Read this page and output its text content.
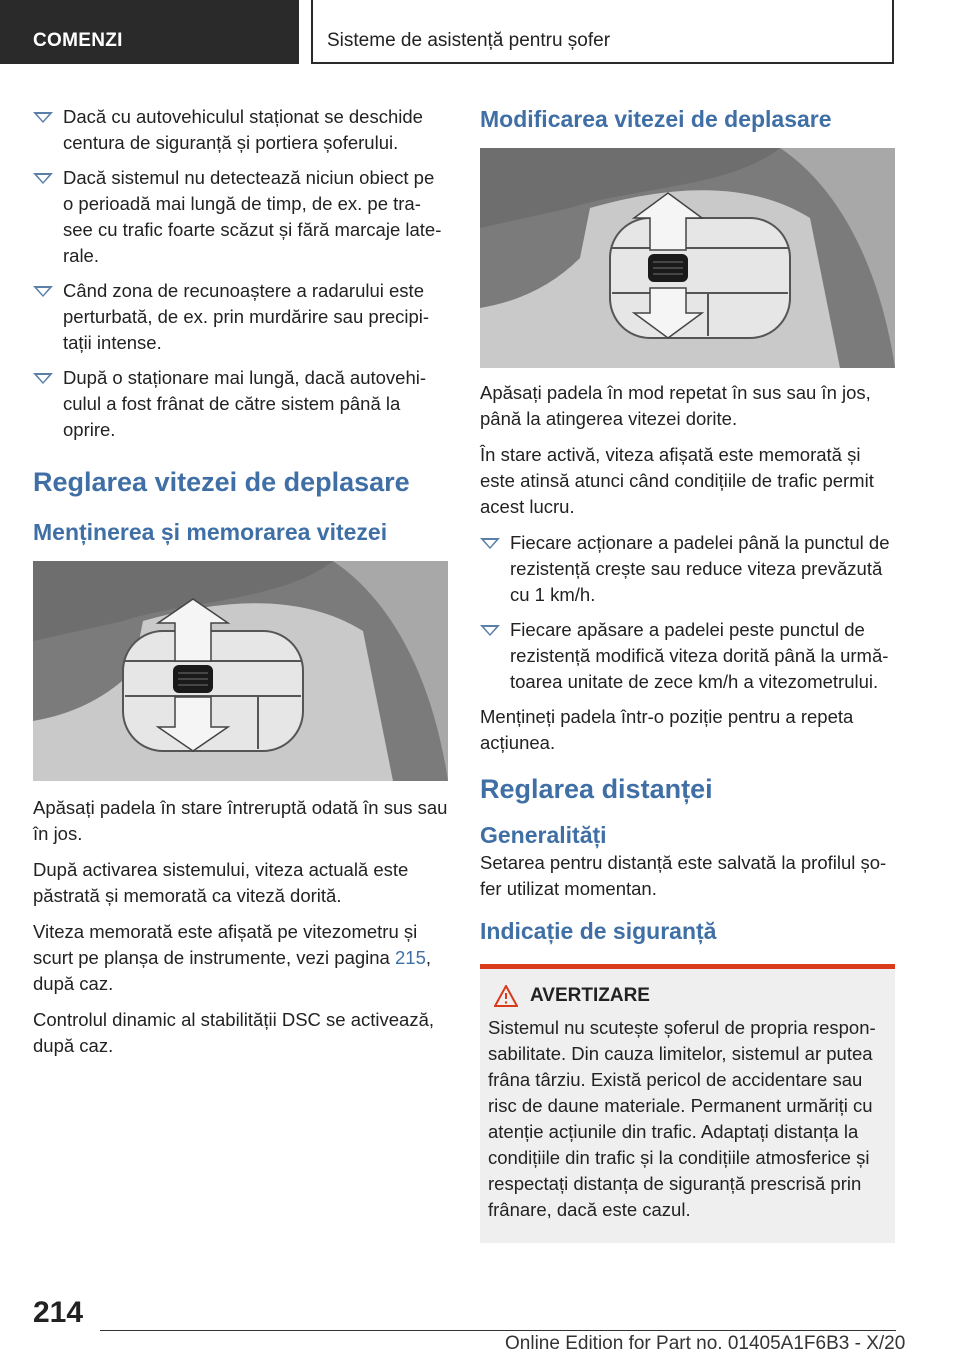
COMENZI	Sisteme de asistență pentru șofer
Dacă cu autovehiculul staționat se deschide centura de siguranță și portiera șoferului.
Dacă sistemul nu detectează niciun obiect pe o perioadă mai lungă de timp, de ex. pe tra-see cu trafic foarte scăzut și fără marcaje late-rale.
Când zona de recunoaștere a radarului este perturbată, de ex. prin murdărire sau precipi-tații intense.
După o staționare mai lungă, dacă autovehi-culul a fost frânat de către sistem până la oprire.
Reglarea vitezei de deplasare
Menținerea și memorarea vitezei

Apăsați padela în stare întreruptă odată în sus sau în jos.

După activarea sistemului, viteza actuală este păstrată și memorată ca viteză dorită.

Viteza memorată este afișată pe vitezometru și scurt pe planșa de instrumente, vezi pagina 215, după caz.

Controlul dinamic al stabilității DSC se activează, după caz.

Modificarea vitezei de deplasare

Apăsați padela în mod repetat în sus sau în jos, până la atingerea vitezei dorite.

În stare activă, viteza afișată este memorată și este atinsă atunci când condițiile de trafic permit acest lucru.

Fiecare acționare a padelei până la punctul de rezistență crește sau reduce viteza prevăzută cu 1 km/h.
Fiecare apăsare a padelei peste punctul de rezistență modifică viteza dorită până la urmă-toarea unitate de zece km/h a vitezometrului.

Mențineți padela într-o poziție pentru a repeta acțiunea.

Reglarea distanței
Generalități

Setarea pentru distanță este salvată la profilul șo-fer utilizat momentan.

Indicație de siguranță
AVERTIZARE

Sistemul nu scutește șoferul de propria respon-sabilitate. Din cauza limitelor, sistemul ar putea frâna târziu. Există pericol de accidentare sau risc de daune materiale. Permanent urmăriți cu atenție acțiunile din trafic. Adaptați distanța la condițiile din trafic și la condițiile atmosferice și respectați distanța de siguranță prescrisă prin frânare, dacă este cazul.

214
Online Edition for Part no. 01405A1F6B3 - X/20
